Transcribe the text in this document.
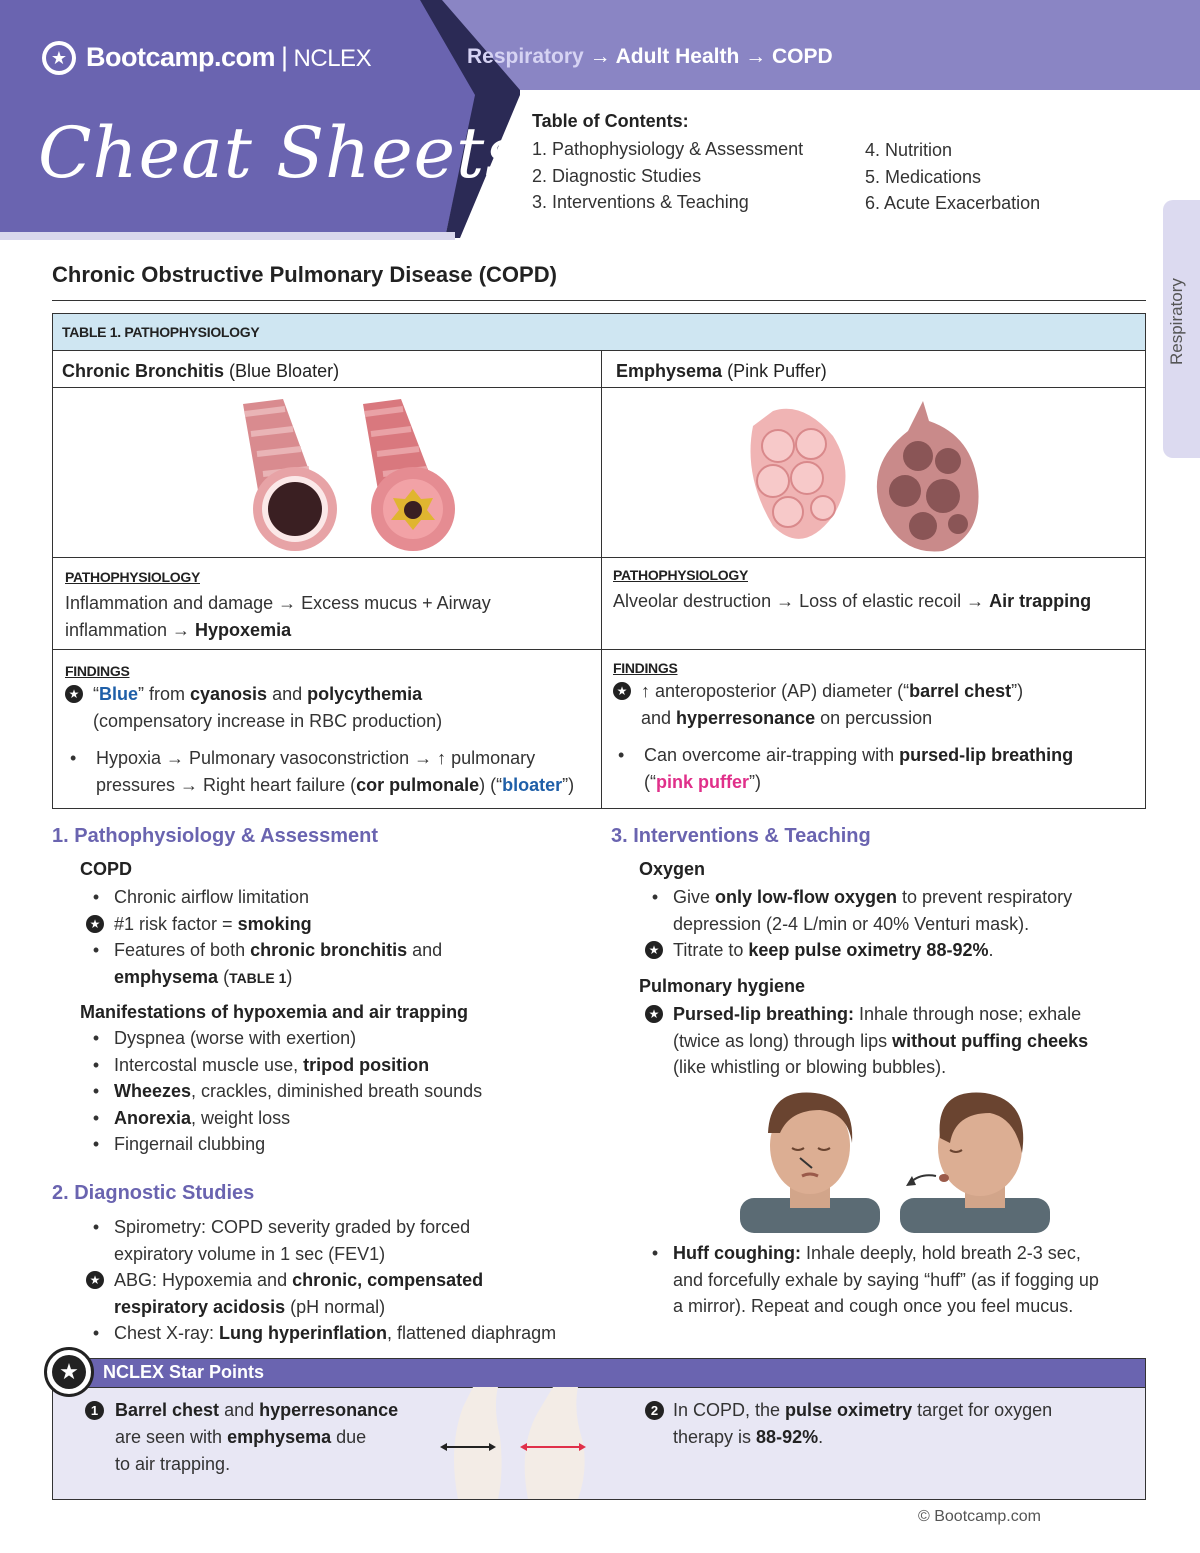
★ Bootcamp.com | NCLEX
Cheat Sheets
Respiratory → Adult Health → COPD
Table of Contents:
1. Pathophysiology & Assessment
2. Diagnostic Studies
3. Interventions & Teaching
4. Nutrition
5. Medications
6. Acute Exacerbation
Respiratory
Chronic Obstructive Pulmonary Disease (COPD)
TABLE 1. PATHOPHYSIOLOGY
Chronic Bronchitis (Blue Bloater)	Emphysema (Pink Puffer)
PATHOPHYSIOLOGY
Inflammation and damage → Excess mucus + Airway
inflammation → Hypoxemia
PATHOPHYSIOLOGY
Alveolar destruction → Loss of elastic recoil → Air trapping
FINDINGS
★ “Blue” from cyanosis and polycythemia
(compensatory increase in RBC production)
• Hypoxia → Pulmonary vasoconstriction → ↑ pulmonary
pressures → Right heart failure (cor pulmonale) (“bloater”)
FINDINGS
★ ↑ anteroposterior (AP) diameter (“barrel chest”)
and hyperresonance on percussion
• Can overcome air-trapping with pursed-lip breathing
(“pink puffer”)
1. Pathophysiology & Assessment
COPD
• Chronic airflow limitation
★ #1 risk factor = smoking
• Features of both chronic bronchitis and
emphysema (TABLE 1)
Manifestations of hypoxemia and air trapping
• Dyspnea (worse with exertion)
• Intercostal muscle use, tripod position
• Wheezes, crackles, diminished breath sounds
• Anorexia, weight loss
• Fingernail clubbing
2. Diagnostic Studies
• Spirometry: COPD severity graded by forced
expiratory volume in 1 sec (FEV1)
★ ABG: Hypoxemia and chronic, compensated
respiratory acidosis (pH normal)
• Chest X-ray: Lung hyperinflation, flattened diaphragm
3. Interventions & Teaching
Oxygen
• Give only low-flow oxygen to prevent respiratory
depression (2-4 L/min or 40% Venturi mask).
★ Titrate to keep pulse oximetry 88-92%.
Pulmonary hygiene
★ Pursed-lip breathing: Inhale through nose; exhale
(twice as long) through lips without puffing cheeks
(like whistling or blowing bubbles).
• Huff coughing: Inhale deeply, hold breath 2-3 sec,
and forcefully exhale by saying “huff” (as if fogging up
a mirror). Repeat and cough once you feel mucus.
NCLEX Star Points
1 Barrel chest and hyperresonance
are seen with emphysema due
to air trapping.
2 In COPD, the pulse oximetry target for oxygen
therapy is 88-92%.
★
© Bootcamp.com
